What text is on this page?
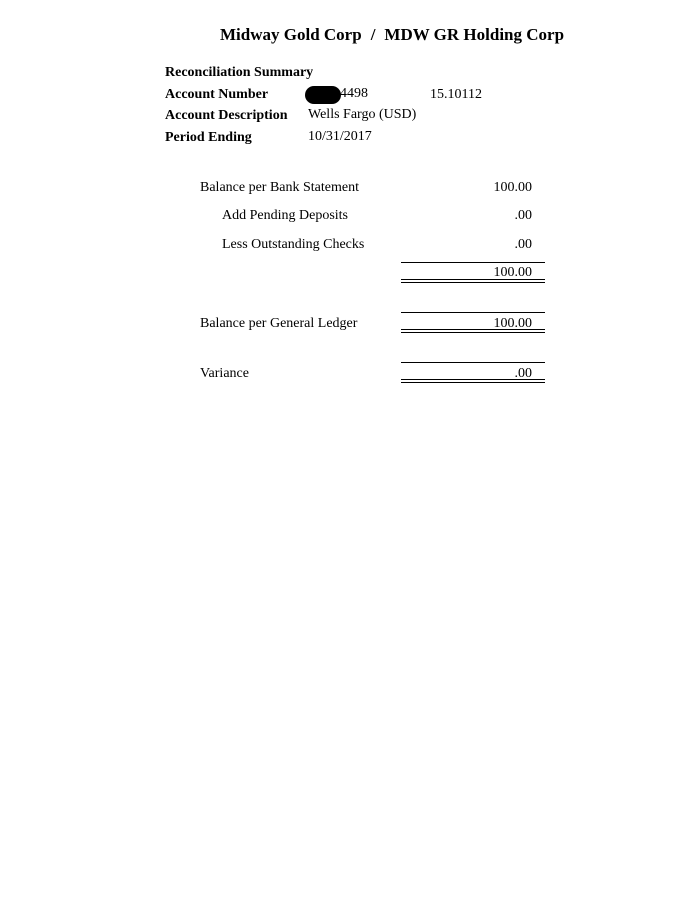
Midway Gold Corp / MDW GR Holding Corp
Reconciliation Summary
Account Number	4498	15.10112
Account Description Wells Fargo (USD)
Period Ending	10/31/2017
Balance per Bank Statement	100.00
Add Pending Deposits	.00
Less Outstanding Checks	.00
100.00
Balance per General Ledger	100.00
Variance	.00
